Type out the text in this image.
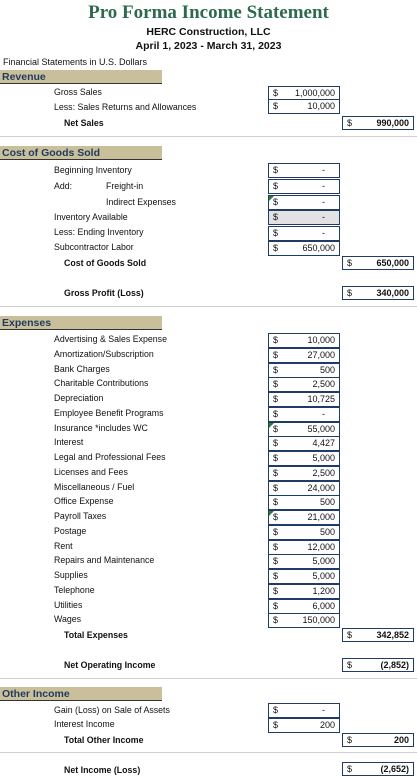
Pro Forma Income Statement
HERC Construction, LLC
April 1, 2023 - March 31, 2023
Financial Statements in U.S. Dollars
Revenue
Gross Sales	$ 1,000,000
Less: Sales Returns and Allowances	$	10,000
Net Sales	$	990,000
Cost of Goods Sold
Beginning Inventory	$	-
Add:	Freight-in	$	-
Indirect Expenses	$	-
Inventory Available	$	-
Less: Ending Inventory	$	-
Subcontractor Labor	$	650,000
Cost of Goods Sold	$	650,000
Gross Profit (Loss)	$	340,000
Expenses
Advertising & Sales Expense	$	10,000
Amortization/Subscription	$	27,000
Bank Charges	$	500
Charitable Contributions	$	2,500
Depreciation	$	10,725
Employee Benefit Programs	$	-
Insurance *includes WC	$	55,000
Interest	$	4,427
Legal and Professional Fees	$	5,000
Licenses and Fees	$	2,500
Miscellaneous / Fuel	$	24,000
Office Expense	$	500
Payroll Taxes	$	21,000
Postage	$	500
Rent	$	12,000
Repairs and Maintenance	$	5,000
Supplies	$	5,000
Telephone	$	1,200
Utilities	$	6,000
Wages	$	150,000
Total Expenses	$	342,852
Net Operating Income	$	(2,852)
Other Income
Gain (Loss) on Sale of Assets	$	-
Interest Income	$	200
Total Other Income	$	200
Net Income (Loss)	$	(2,652)
